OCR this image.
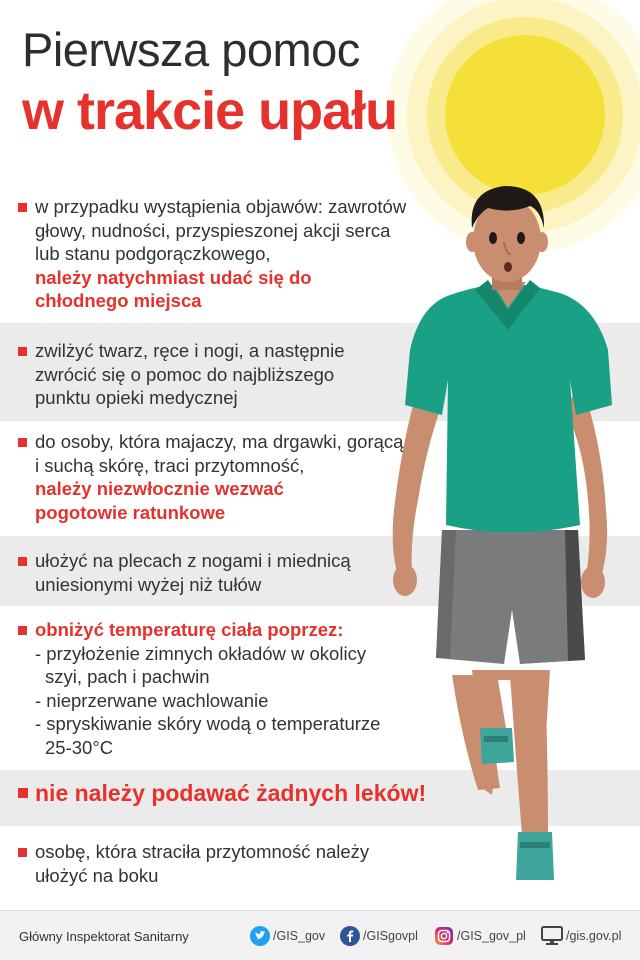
Pierwsza pomoc
w trakcie upału
w przypadku wystąpienia objawów: zawrotów głowy, nudności, przyspieszonej akcji serca lub stanu podgorączkowego,
należy natychmiast udać się do chłodnego miejsca
zwilżyć twarz, ręce i nogi, a następnie zwrócić się o pomoc do najbliższego punktu opieki medycznej
do osoby, która majaczy, ma drgawki, gorącą i suchą skórę, traci przytomność,
należy niezwłocznie wezwać pogotowie ratunkowe
ułożyć na plecach z nogami i miednicą uniesionymi wyżej niż tułów
obniżyć temperaturę ciała poprzez:
- przyłożenie zimnych okładów w okolicy
szyi, pach i pachwin
- nieprzerwane wachlowanie
- spryskiwanie skóry wodą o temperaturze
25-30°C
nie należy podawać żadnych leków!
osobę, która straciła przytomność należy ułożyć na boku
Główny Inspektorat Sanitarny	/GIS_gov	/GISgovpl	/GIS_gov_pl	/gis.gov.pl
